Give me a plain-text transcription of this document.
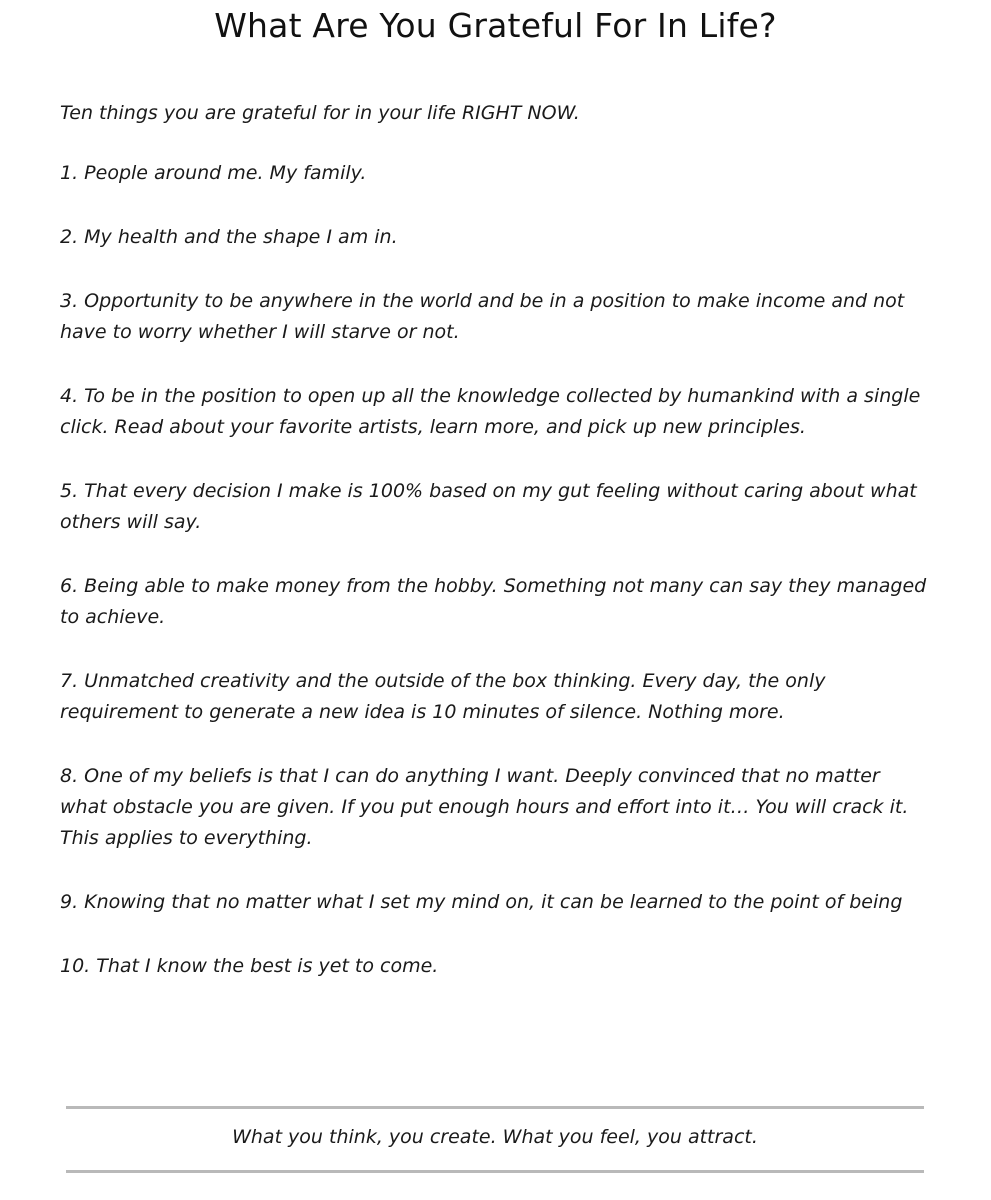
What Are You Grateful For In Life?

Ten things you are grateful for in your life RIGHT NOW.

1. People around me. My family.
2. My health and the shape I am in.
3. Opportunity to be anywhere in the world and be in a position to make income and not have to worry whether I will starve or not.
4. To be in the position to open up all the knowledge collected by humankind with a single click. Read about your favorite artists, learn more, and pick up new principles.
5. That every decision I make is 100% based on my gut feeling without caring about what others will say.
6. Being able to make money from the hobby. Something not many can say they managed to achieve.
7. Unmatched creativity and the outside of the box thinking. Every day, the only requirement to generate a new idea is 10 minutes of silence. Nothing more.
8. One of my beliefs is that I can do anything I want. Deeply convinced that no matter what obstacle you are given. If you put enough hours and effort into it… You will crack it. This applies to everything.
9. Knowing that no matter what I set my mind on, it can be learned to the point of being
10. That I know the best is yet to come.

What you think, you create. What you feel, you attract.
